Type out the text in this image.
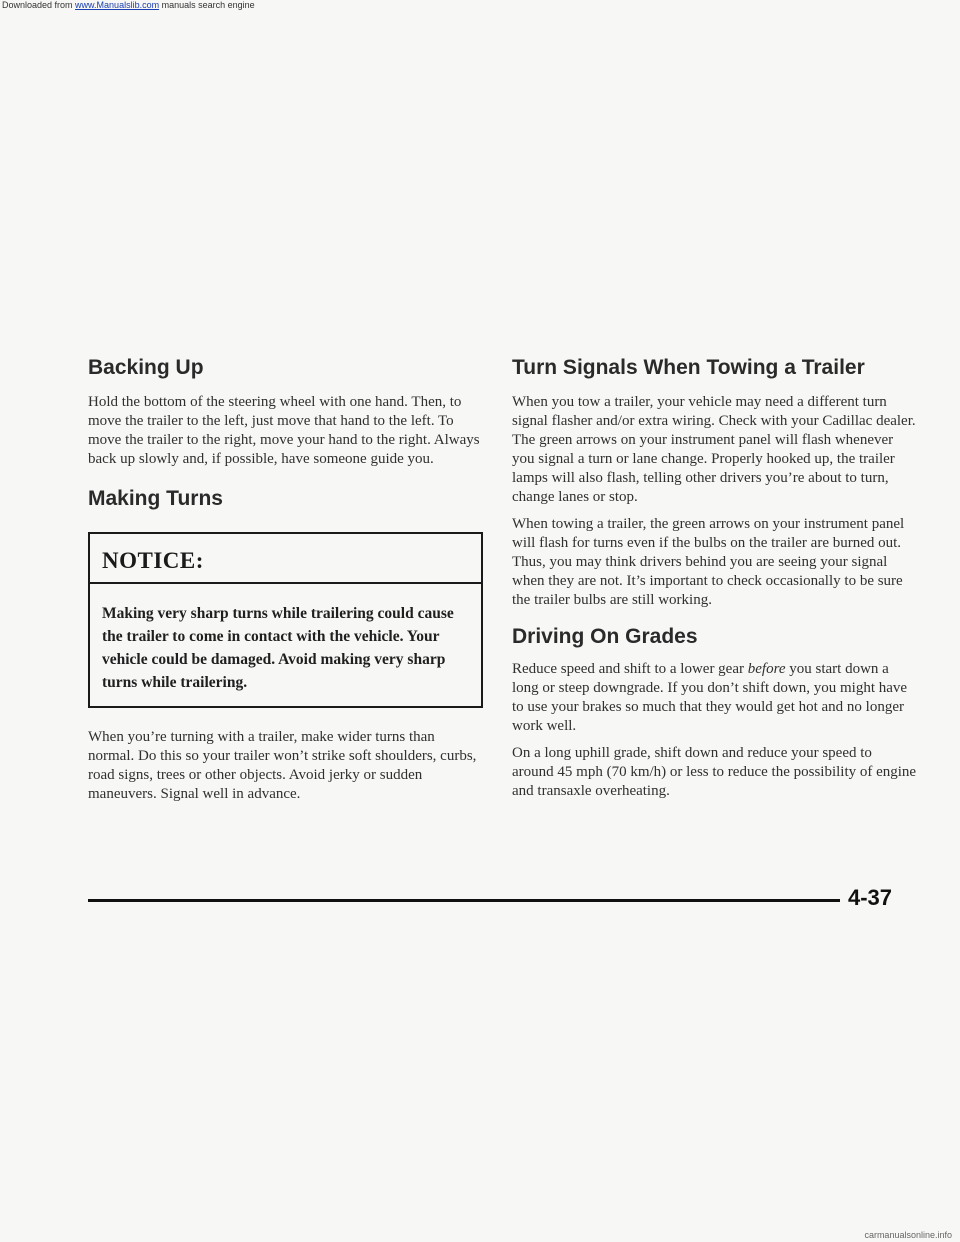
Downloaded from www.Manualslib.com manuals search engine
Backing Up

Hold the bottom of the steering wheel with one hand. Then, to move the trailer to the left, just move that hand to the left. To move the trailer to the right, move your hand to the right. Always back up slowly and, if possible, have someone guide you.

Making Turns
NOTICE:
Making very sharp turns while trailering could cause the trailer to come in contact with the vehicle. Your vehicle could be damaged. Avoid making very sharp turns while trailering.

When you’re turning with a trailer, make wider turns than normal. Do this so your trailer won’t strike soft shoulders, curbs, road signs, trees or other objects. Avoid jerky or sudden maneuvers. Signal well in advance.

Turn Signals When Towing a Trailer

When you tow a trailer, your vehicle may need a different turn signal flasher and/or extra wiring. Check with your Cadillac dealer. The green arrows on your instrument panel will flash whenever you signal a turn or lane change. Properly hooked up, the trailer lamps will also flash, telling other drivers you’re about to turn, change lanes or stop.

When towing a trailer, the green arrows on your instrument panel will flash for turns even if the bulbs on the trailer are burned out. Thus, you may think drivers behind you are seeing your signal when they are not. It’s important to check occasionally to be sure the trailer bulbs are still working.

Driving On Grades

Reduce speed and shift to a lower gear before you start down a long or steep downgrade. If you don’t shift down, you might have to use your brakes so much that they would get hot and no longer work well.

On a long uphill grade, shift down and reduce your speed to around 45 mph (70 km/h) or less to reduce the possibility of engine and transaxle overheating.

4-37
carmanualsonline.info
